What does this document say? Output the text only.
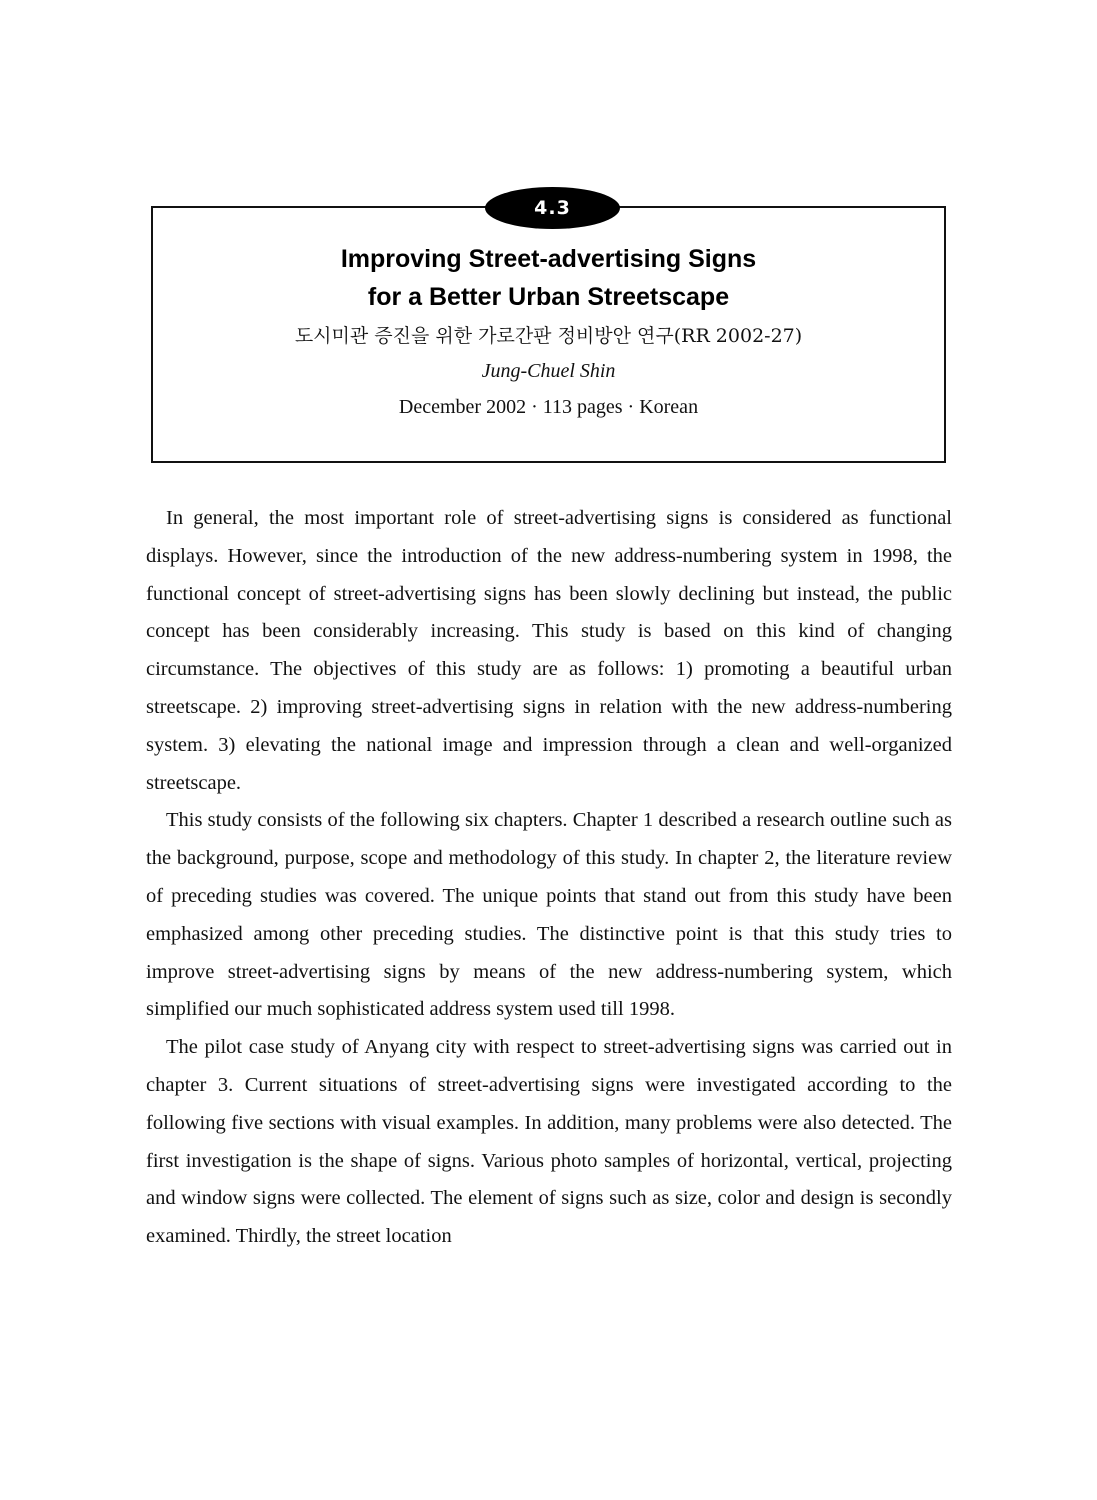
4.3
Improving Street-advertising Signs
for a Better Urban Streetscape
도시미관 증진을 위한 가로간판 정비방안 연구(RR 2002-27)
Jung-Chuel Shin
December 2002 · 113 pages · Korean

In general, the most important role of street-advertising signs is considered as functional displays. However, since the introduction of the new address-numbering system in 1998, the functional concept of street-advertising signs has been slowly declining but instead, the public concept has been considerably increasing. This study is based on this kind of changing circumstance. The objectives of this study are as follows: 1) promoting a beautiful urban streetscape. 2) improving street-advertising signs in relation with the new address-numbering system. 3) elevating the national image and impression through a clean and well-organized streetscape.

This study consists of the following six chapters. Chapter 1 described a research outline such as the background, purpose, scope and methodology of this study. In chapter 2, the literature review of preceding studies was covered. The unique points that stand out from this study have been emphasized among other preceding studies. The distinctive point is that this study tries to improve street-advertising signs by means of the new address-numbering system, which simplified our much sophisticated address system used till 1998.

The pilot case study of Anyang city with respect to street-advertising signs was carried out in chapter 3. Current situations of street-advertising signs were investigated according to the following five sections with visual examples. In addition, many problems were also detected. The first investigation is the shape of signs. Various photo samples of horizontal, vertical, projecting and window signs were collected. The element of signs such as size, color and design is secondly examined. Thirdly, the street location
